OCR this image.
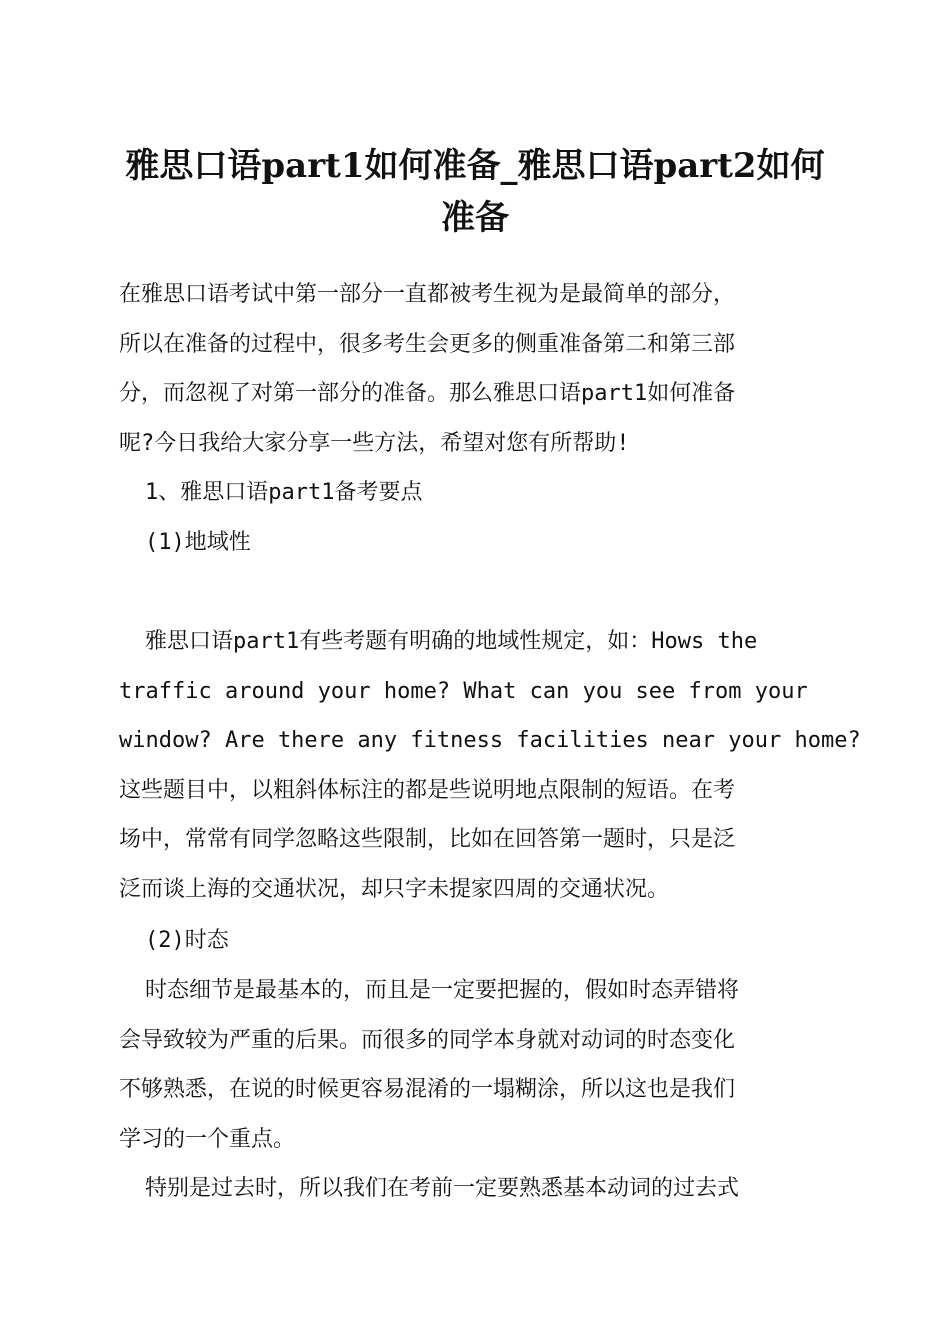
雅思口语part1如何准备_雅思口语part2如何
准备
在雅思口语考试中第一部分一直都被考生视为是最简单的部分，
所以在准备的过程中，很多考生会更多的侧重准备第二和第三部
分，而忽视了对第一部分的准备。那么雅思口语part1如何准备
呢?今日我给大家分享一些方法，希望对您有所帮助!
1、雅思口语part1备考要点
(1)地域性
雅思口语part1有些考题有明确的地域性规定，如：Hows the
traffic around your home? What can you see from your
window? Are there any fitness facilities near your home?
这些题目中，以粗斜体标注的都是些说明地点限制的短语。在考
场中，常常有同学忽略这些限制，比如在回答第一题时，只是泛
泛而谈上海的交通状况，却只字未提家四周的交通状况。
(2)时态
时态细节是最基本的，而且是一定要把握的，假如时态弄错将
会导致较为严重的后果。而很多的同学本身就对动词的时态变化
不够熟悉，在说的时候更容易混淆的一塌糊涂，所以这也是我们
学习的一个重点。
特别是过去时，所以我们在考前一定要熟悉基本动词的过去式
